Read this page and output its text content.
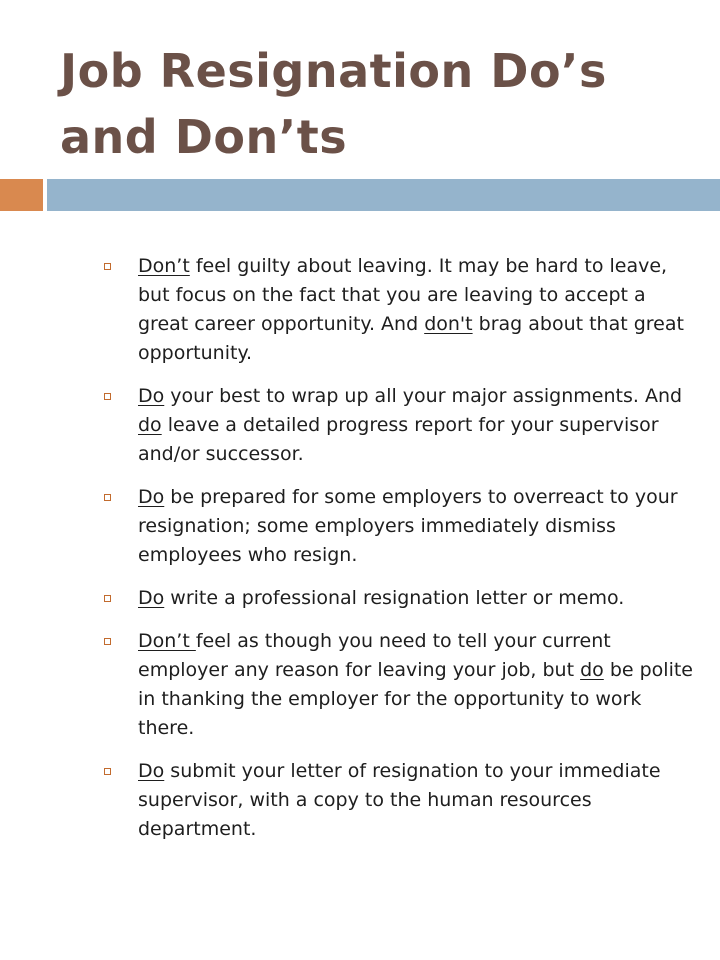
Job Resignation Do’s and Don’ts
Don’t feel guilty about leaving. It may be hard to leave, but focus on the fact that you are leaving to accept a great career opportunity. And don't brag about that great opportunity.
Do your best to wrap up all your major assignments. And do leave a detailed progress report for your supervisor and/or successor.
Do be prepared for some employers to overreact to your resignation; some employers immediately dismiss employees who resign.
Do write a professional resignation letter or memo.
Don’t feel as though you need to tell your current employer any reason for leaving your job, but do be polite in thanking the employer for the opportunity to work there.
Do submit your letter of resignation to your immediate supervisor, with a copy to the human resources department.
